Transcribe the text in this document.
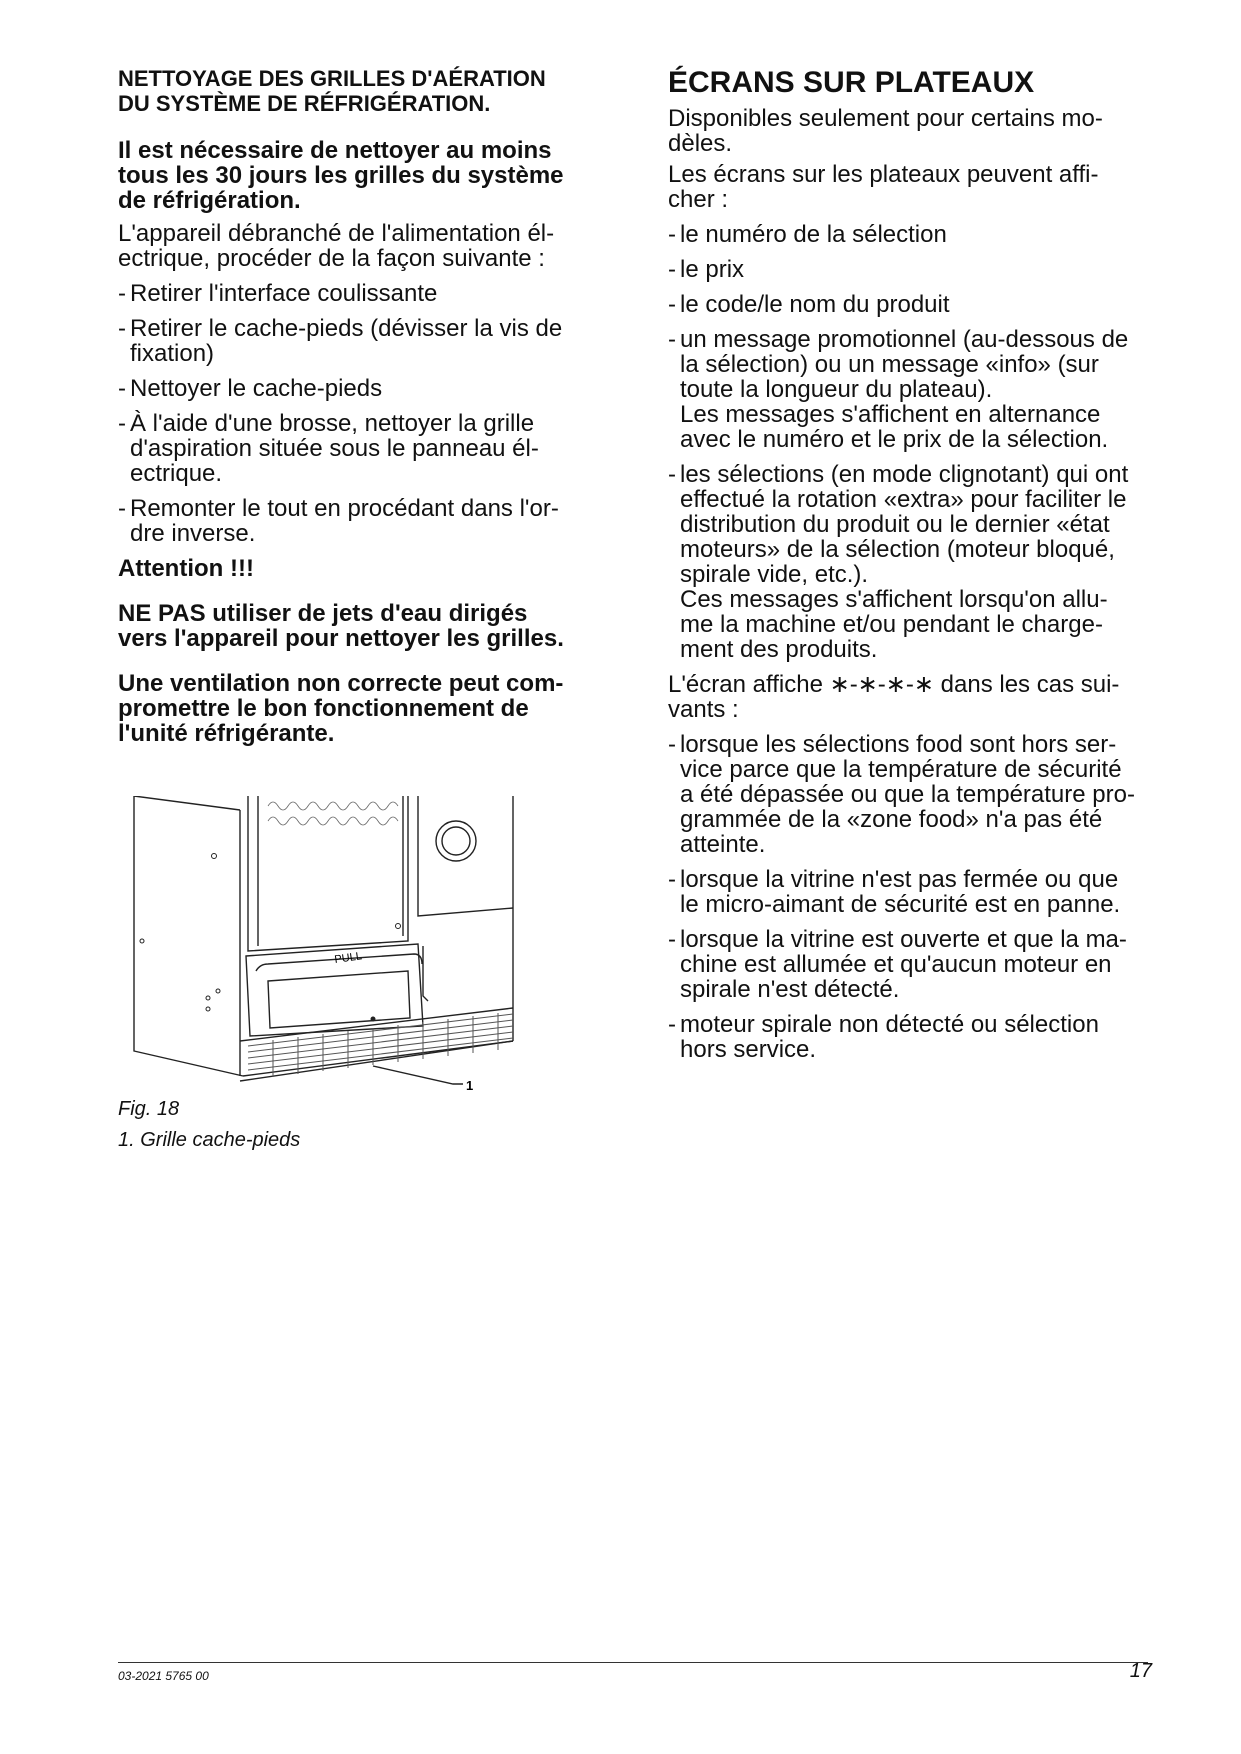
NETTOYAGE DES GRILLES D'AÉRATION
DU SYSTÈME DE RÉFRIGÉRATION.
Il est nécessaire de nettoyer au moins
tous les 30 jours les grilles du système
de réfrigération.
L'appareil débranché de l'alimentation él-
ectrique, procéder de la façon suivante :
- Retirer l'interface coulissante
- Retirer le cache-pieds (dévisser la vis de
fixation)
- Nettoyer le cache-pieds
- À l'aide d'une brosse, nettoyer la grille
d'aspiration située sous le panneau él-
ectrique.
- Remonter le tout en procédant dans l'or-
dre inverse.
Attention !!!
NE PAS utiliser de jets d'eau dirigés
vers l'appareil pour nettoyer les grilles.
Une ventilation non correcte peut com-
promettre le bon fonctionnement de
l'unité réfrigérante.
PULL
1
Fig. 18
1. Grille cache-pieds
ÉCRANS SUR PLATEAUX
Disponibles seulement pour certains mo-
dèles.
Les écrans sur les plateaux peuvent affi-
cher :
- le numéro de la sélection
- le prix
- le code/le nom du produit
- un message promotionnel (au-dessous de
la sélection) ou un message «info» (sur
toute la longueur du plateau).
Les messages s'affichent en alternance
avec le numéro et le prix de la sélection.
- les sélections (en mode clignotant) qui ont
effectué la rotation «extra» pour faciliter le
distribution du produit ou le dernier «état
moteurs» de la sélection (moteur bloqué,
spirale vide, etc.).
Ces messages s'affichent lorsqu'on allu-
me la machine et/ou pendant le charge-
ment des produits.
L'écran affiche ∗-∗-∗-∗ dans les cas sui-
vants :
- lorsque les sélections food sont hors ser-
vice parce que la température de sécurité
a été dépassée ou que la température pro-
grammée de la «zone food» n'a pas été
atteinte.
- lorsque la vitrine n'est pas fermée ou que
le micro-aimant de sécurité est en panne.
- lorsque la vitrine est ouverte et que la ma-
chine est allumée et qu'aucun moteur en
spirale n'est détecté.
- moteur spirale non détecté ou sélection
hors service.
03-2021 5765 00	17
